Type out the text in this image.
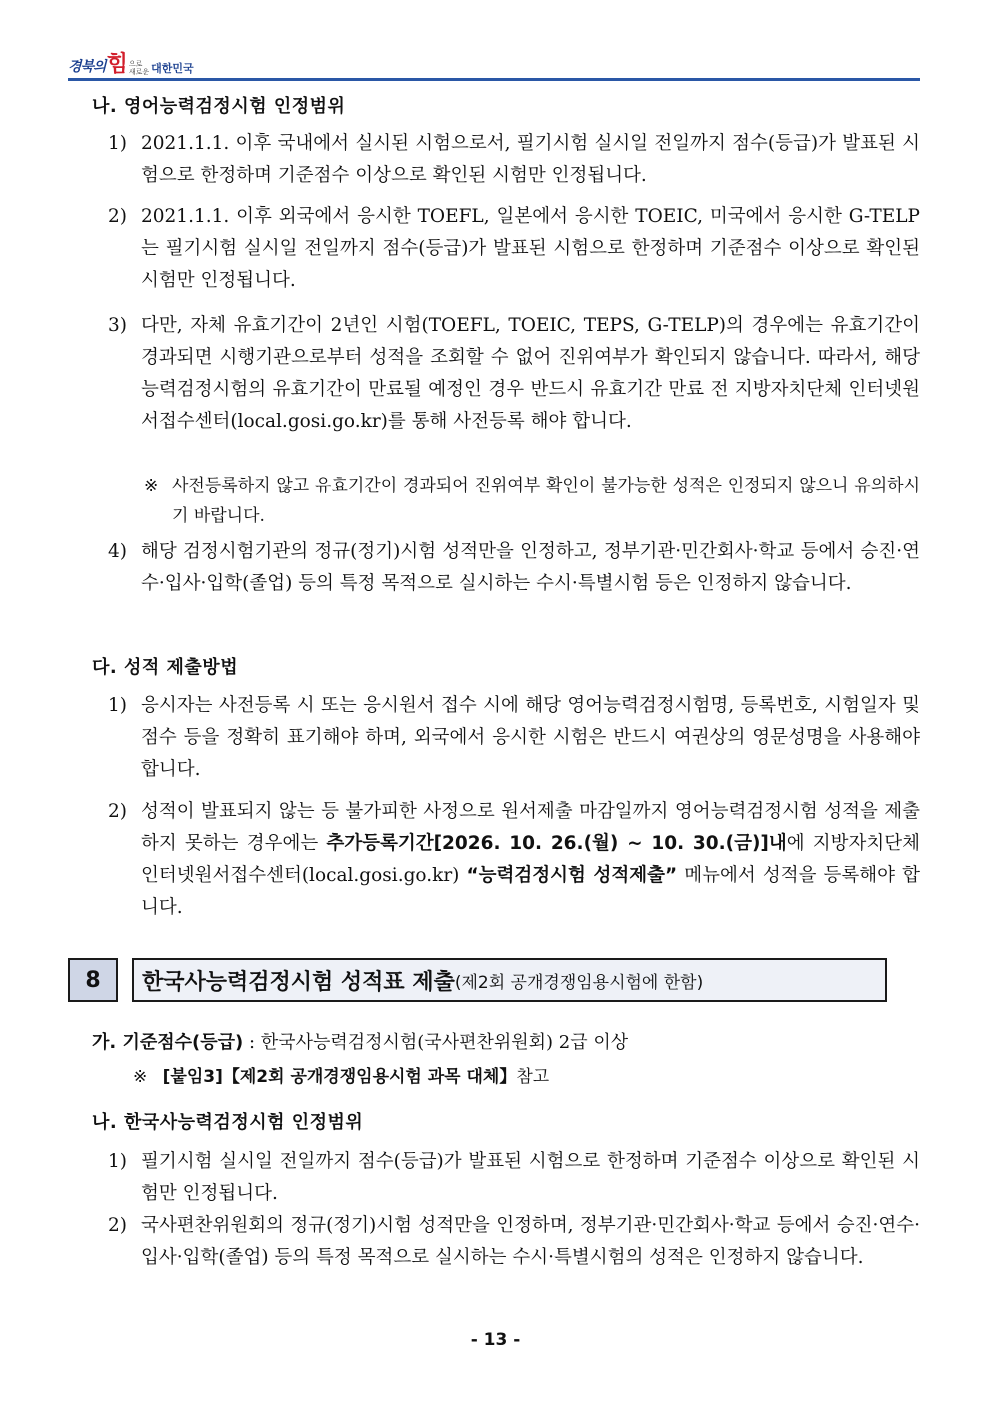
경북의 힘 으로
새로운 대한민국
나. 영어능력검정시험 인정범위
1) 2021.1.1. 이후 국내에서 실시된 시험으로서, 필기시험 실시일 전일까지 점수(등급)가 발표된 시험으로 한정하며 기준점수 이상으로 확인된 시험만 인정됩니다.
2) 2021.1.1. 이후 외국에서 응시한 TOEFL, 일본에서 응시한 TOEIC, 미국에서 응시한 G-TELP는 필기시험 실시일 전일까지 점수(등급)가 발표된 시험으로 한정하며 기준점수 이상으로 확인된 시험만 인정됩니다.
3) 다만, 자체 유효기간이 2년인 시험(TOEFL, TOEIC, TEPS, G-TELP)의 경우에는 유효기간이 경과되면 시행기관으로부터 성적을 조회할 수 없어 진위여부가 확인되지 않습니다. 따라서, 해당 능력검정시험의 유효기간이 만료될 예정인 경우 반드시 유효기간 만료 전 지방자치단체 인터넷원서접수센터(local.gosi.go.kr)를 통해 사전등록 해야 합니다.
※ 사전등록하지 않고 유효기간이 경과되어 진위여부 확인이 불가능한 성적은 인정되지 않으니 유의하시기 바랍니다.
4) 해당 검정시험기관의 정규(정기)시험 성적만을 인정하고, 정부기관·민간회사·학교 등에서 승진·연수·입사·입학(졸업) 등의 특정 목적으로 실시하는 수시·특별시험 등은 인정하지 않습니다.
다. 성적 제출방법
1) 응시자는 사전등록 시 또는 응시원서 접수 시에 해당 영어능력검정시험명, 등록번호, 시험일자 및 점수 등을 정확히 표기해야 하며, 외국에서 응시한 시험은 반드시 여권상의 영문성명을 사용해야 합니다.
2) 성적이 발표되지 않는 등 불가피한 사정으로 원서제출 마감일까지 영어능력검정시험 성적을 제출하지 못하는 경우에는 추가등록기간[2026. 10. 26.(월) ~ 10. 30.(금)]내에 지방자치단체 인터넷원서접수센터(local.gosi.go.kr) “능력검정시험 성적제출” 메뉴에서 성적을 등록해야 합니다.
8	한국사능력검정시험 성적표 제출 (제2회 공개경쟁임용시험에 한함)
가. 기준점수(등급) : 한국사능력검정시험(국사편찬위원회) 2급 이상
※ [붙임3]【제2회 공개경쟁임용시험 과목 대체】참고
나. 한국사능력검정시험 인정범위
1) 필기시험 실시일 전일까지 점수(등급)가 발표된 시험으로 한정하며 기준점수 이상으로 확인된 시험만 인정됩니다.
2) 국사편찬위원회의 정규(정기)시험 성적만을 인정하며, 정부기관·민간회사·학교 등에서 승진·연수·입사·입학(졸업) 등의 특정 목적으로 실시하는 수시·특별시험의 성적은 인정하지 않습니다.
- 13 -
